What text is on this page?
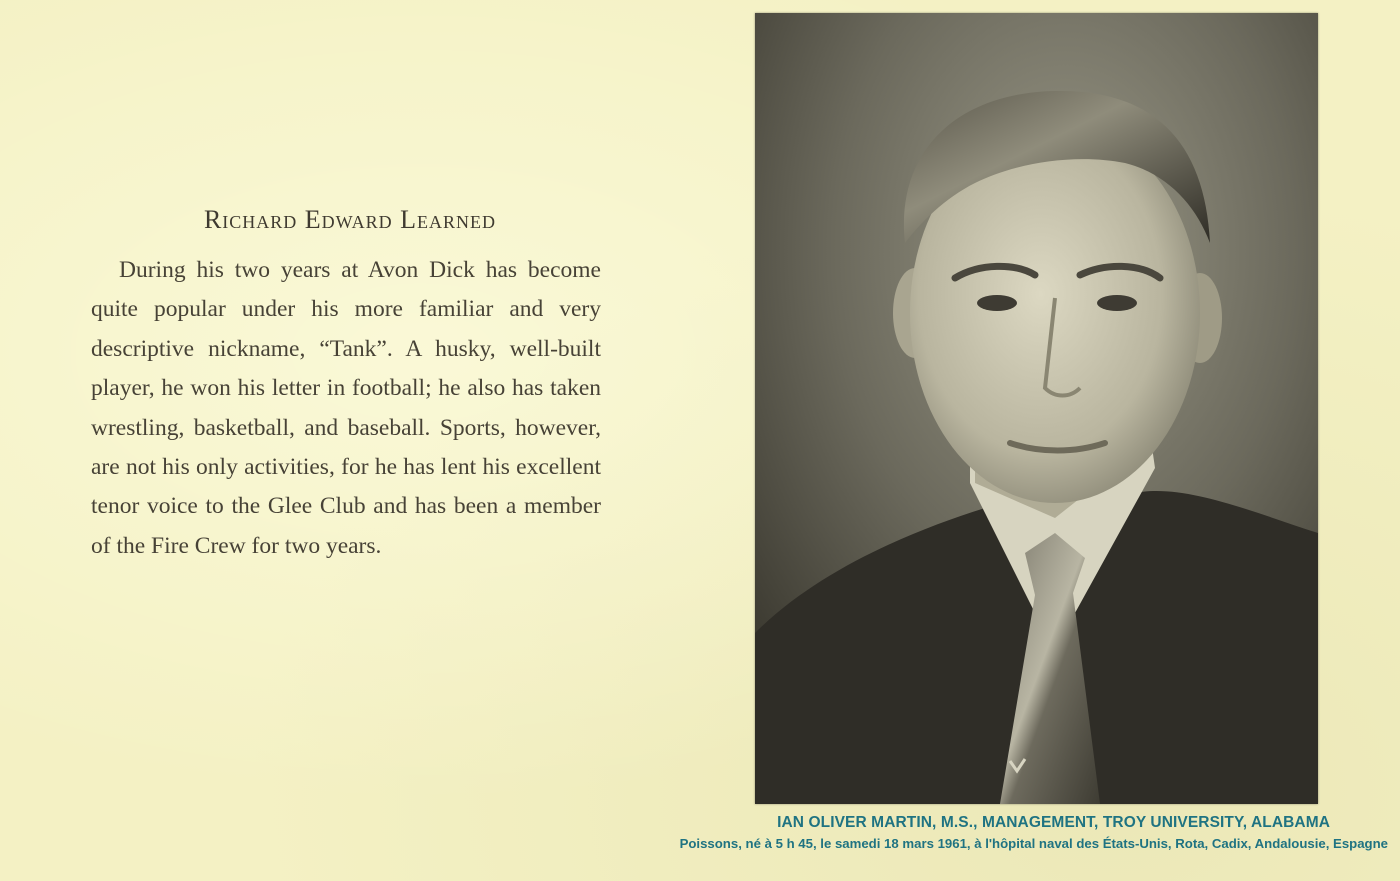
Richard Edward Learned

During his two years at Avon Dick has become quite popular under his more familiar and very descriptive nickname, “Tank”. A husky, well-built player, he won his letter in football; he also has taken wrestling, basketball, and baseball. Sports, however, are not his only activities, for he has lent his excellent tenor voice to the Glee Club and has been a member of the Fire Crew for two years.

IAN OLIVER MARTIN, M.S., MANAGEMENT, TROY UNIVERSITY, ALABAMA
Poissons, né à 5 h 45, le samedi 18 mars 1961, à l'hôpital naval des États-Unis, Rota, Cadix, Andalousie, Espagne
